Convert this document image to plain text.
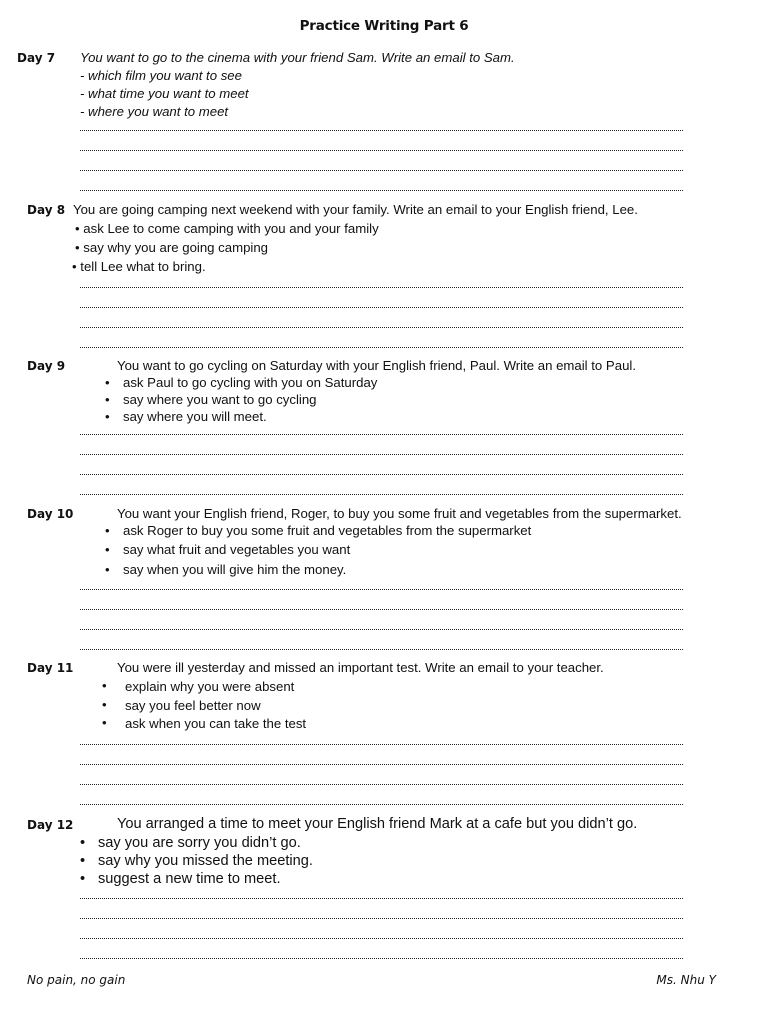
Practice Writing Part 6
Day 7 You want to go to the cinema with your friend Sam. Write an email to Sam.
- which film you want to see
- what time you want to meet
- where you want to meet
Day 8 You are going camping next weekend with your family. Write an email to your English friend, Lee.
• ask Lee to come camping with you and your family
• say why you are going camping
• tell Lee what to bring.
Day 9	You want to go cycling on Saturday with your English friend, Paul. Write an email to Paul.
• ask Paul to go cycling with you on Saturday
• say where you want to go cycling
• say where you will meet.
Day 10	You want your English friend, Roger, to buy you some fruit and vegetables from the supermarket.
• ask Roger to buy you some fruit and vegetables from the supermarket
• say what fruit and vegetables you want
• say when you will give him the money.
Day 11	You were ill yesterday and missed an important test. Write an email to your teacher.
• explain why you were absent
• say you feel better now
• ask when you can take the test
Day 12	You arranged a time to meet your English friend Mark at a cafe but you didn’t go.
• say you are sorry you didn’t go.
• say why you missed the meeting.
• suggest a new time to meet.
No pain, no gain	Ms. Nhu Y
